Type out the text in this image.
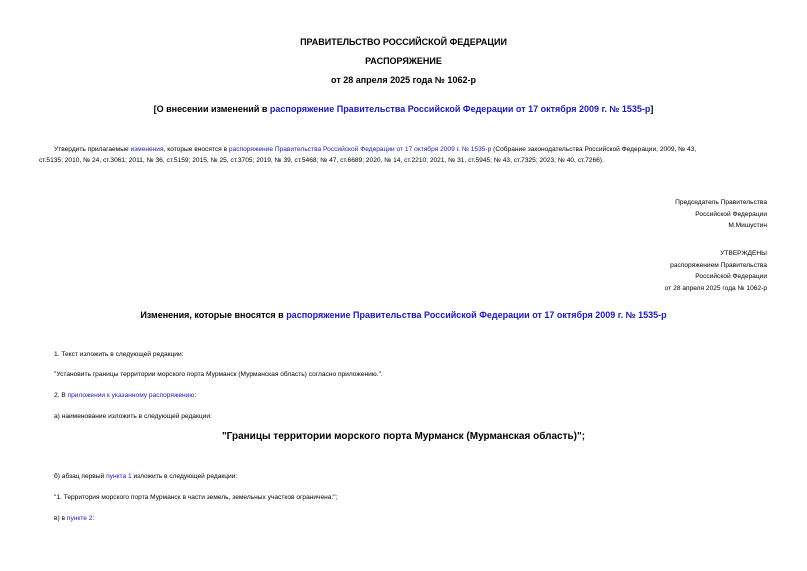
ПРАВИТЕЛЬСТВО РОССИЙСКОЙ ФЕДЕРАЦИИ
РАСПОРЯЖЕНИЕ
от 28 апреля 2025 года № 1062-р
[О внесении изменений в распоряжение Правительства Российской Федерации от 17 октября 2009 г. № 1535-р]
Утвердить прилагаемые изменения, которые вносятся в распоряжение Правительства Российской Федерации от 17 октября 2009 г. № 1535-р (Собрание законодательства Российской Федерации, 2009, № 43,
ст.5135; 2010, № 24, ст.3061; 2011, № 36, ст.5159; 2015, № 25, ст.3705; 2019, № 39, ст.5468; № 47, ст.6689; 2020, № 14, ст.2210; 2021, № 31, ст.5945; № 43, ст.7325; 2023, № 40, ст.7266).
Председатель Правительства
Российской Федерации
М.Мишустин
УТВЕРЖДЕНЫ
распоряжением Правительства
Российской Федерации
от 28 апреля 2025 года № 1062-р
Изменения, которые вносятся в распоряжение Правительства Российской Федерации от 17 октября 2009 г. № 1535-р
1. Текст изложить в следующей редакции:
"Установить границы территории морского порта Мурманск (Мурманская область) согласно приложению.".
2. В приложении к указанному распоряжению:
а) наименование изложить в следующей редакции:
"Границы территории морского порта Мурманск (Мурманская область)";
б) абзац первый пункта 1 изложить в следующей редакции:
"1. Территория морского порта Мурманск в части земель, земельных участков ограничена:";
в) в пункте 2:
